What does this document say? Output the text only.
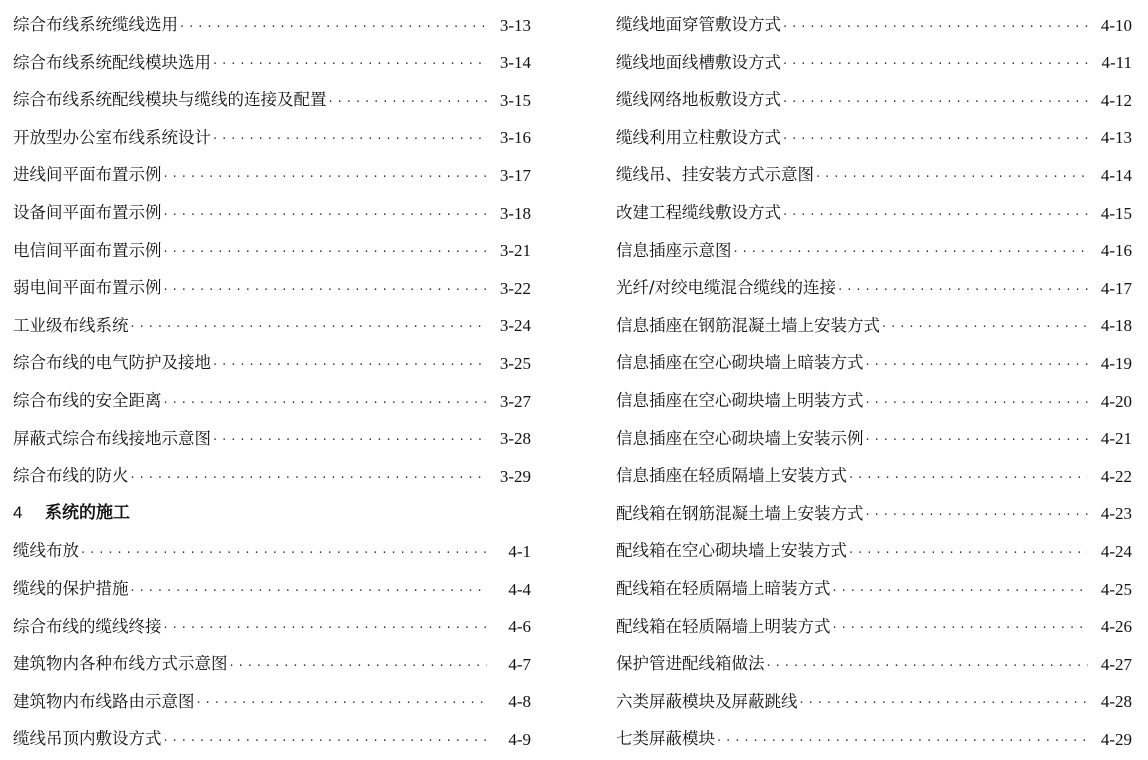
综合布线系统缆线选用 ·····	3-13
综合布线系统配线模块选用 ·····	3-14
综合布线系统配线模块与缆线的连接及配置 ·····	3-15
开放型办公室布线系统设计 ·····	3-16
进线间平面布置示例 ·····	3-17
设备间平面布置示例 ·····	3-18
电信间平面布置示例 ·····	3-21
弱电间平面布置示例 ·····	3-22
工业级布线系统 ·····	3-24
综合布线的电气防护及接地 ·····	3-25
综合布线的安全距离 ·····	3-27
屏蔽式综合布线接地示意图 ·····	3-28
综合布线的防火 ·····	3-29
4 系统的施工
缆线布放 ·····	4-1
缆线的保护措施 ·····	4-4
综合布线的缆线终接 ·····	4-6
建筑物内各种布线方式示意图 ·····	4-7
建筑物内布线路由示意图 ·····	4-8
缆线吊顶内敷设方式 ·····	4-9
缆线地面穿管敷设方式 ·····	4-10
缆线地面线槽敷设方式 ·····	4-11
缆线网络地板敷设方式 ·····	4-12
缆线利用立柱敷设方式 ·····	4-13
缆线吊、挂安装方式示意图 ·····	4-14
改建工程缆线敷设方式 ·····	4-15
信息插座示意图 ·····	4-16
光纤/对绞电缆混合缆线的连接 ·····	4-17
信息插座在钢筋混凝土墙上安装方式 ·····	4-18
信息插座在空心砌块墙上暗装方式 ·····	4-19
信息插座在空心砌块墙上明装方式 ·····	4-20
信息插座在空心砌块墙上安装示例 ·····	4-21
信息插座在轻质隔墙上安装方式 ·····	4-22
配线箱在钢筋混凝土墙上安装方式 ·····	4-23
配线箱在空心砌块墙上安装方式 ·····	4-24
配线箱在轻质隔墙上暗装方式 ·····	4-25
配线箱在轻质隔墙上明装方式 ·····	4-26
保护管进配线箱做法 ·····	4-27
六类屏蔽模块及屏蔽跳线 ·····	4-28
七类屏蔽模块 ·····	4-29
